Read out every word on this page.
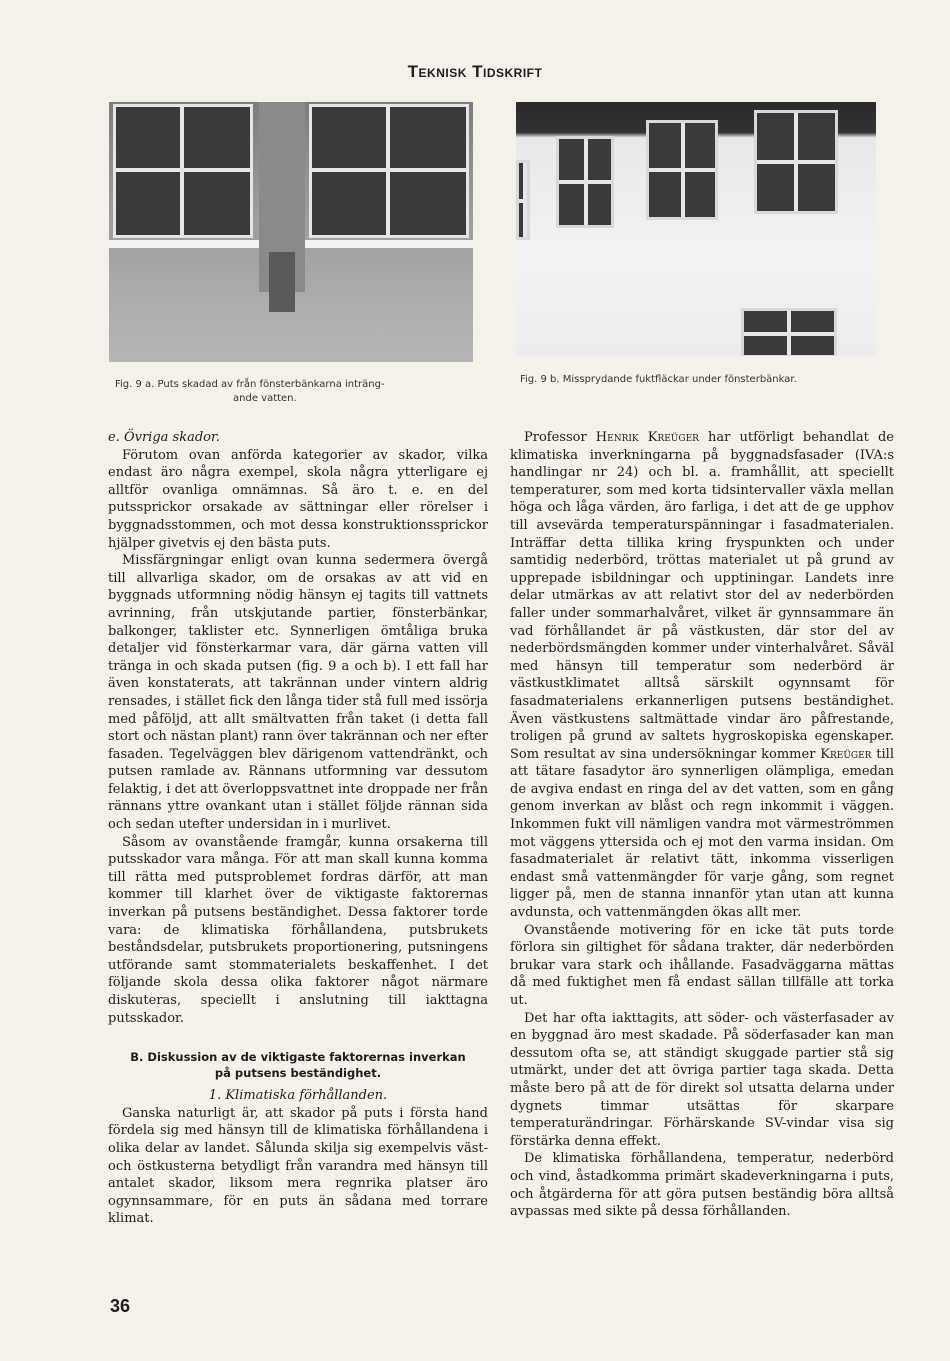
Teknisk Tidskrift
Fig. 9 a. Puts skadad av från fönsterbänkarna inträng-
ande vatten.
Fig. 9 b. Missprydande fuktfläckar under fönsterbänkar.

e. Övriga skador.

Förutom ovan anförda kategorier av skador, vilka endast äro några exempel, skola några ytterligare ej alltför ovanliga omnämnas. Så äro t. e. en del putssprickor orsakade av sättningar eller rörelser i byggnadsstommen, och mot dessa konstruktionssprickor hjälper givetvis ej den bästa puts.

Missfärgningar enligt ovan kunna sedermera övergå till allvarliga skador, om de orsakas av att vid en byggnads utformning nödig hänsyn ej tagits till vattnets avrinning, från utskjutande partier, fönsterbänkar, balkonger, taklister etc. Synnerligen ömtåliga bruka detaljer vid fönsterkarmar vara, där gärna vatten vill tränga in och skada putsen (fig. 9 a och b). I ett fall har även konstaterats, att takrännan under vintern aldrig rensades, i stället fick den långa tider stå full med issörja med påföljd, att allt smältvatten från taket (i detta fall stort och nästan plant) rann över takrännan och ner efter fasaden. Tegelväggen blev därigenom vattendränkt, och putsen ramlade av. Rännans utformning var dessutom felaktig, i det att överloppsvattnet inte droppade ner från rännans yttre ovankant utan i stället följde rännan sida och sedan utefter undersidan in i murlivet.

Såsom av ovanstående framgår, kunna orsakerna till putsskador vara många. För att man skall kunna komma till rätta med putsproblemet fordras därför, att man kommer till klarhet över de viktigaste faktorernas inverkan på putsens beständighet. Dessa faktorer torde vara: de klimatiska förhållandena, putsbrukets beståndsdelar, putsbrukets proportionering, putsningens utförande samt stommaterialets beskaffenhet. I det följande skola dessa olika faktorer något närmare diskuteras, speciellt i anslutning till iakttagna putsskador.

B. Diskussion av de viktigaste faktorernas inverkan
på putsens beständighet.

1. Klimatiska förhållanden.

Ganska naturligt är, att skador på puts i första hand fördela sig med hänsyn till de klimatiska förhållandena i olika delar av landet. Sålunda skilja sig exempelvis väst- och östkusterna betydligt från varandra med hänsyn till antalet skador, liksom mera regnrika platser äro ogynnsammare, för en puts än sådana med torrare klimat.

Professor Henrik Kreüger har utförligt behandlat de klimatiska inverkningarna på byggnadsfasader (IVA:s handlingar nr 24) och bl. a. framhållit, att speciellt temperaturer, som med korta tidsintervaller växla mellan höga och låga värden, äro farliga, i det att de ge upphov till avsevärda temperaturspänningar i fasadmaterialen. Inträffar detta tillika kring fryspunkten och under samtidig nederbörd, tröttas materialet ut på grund av upprepade isbildningar och upptiningar. Landets inre delar utmärkas av att relativt stor del av nederbörden faller under sommarhalvåret, vilket är gynnsammare än vad förhållandet är på västkusten, där stor del av nederbördsmängden kommer under vinterhalvåret. Såväl med hänsyn till temperatur som nederbörd är västkustklimatet alltså särskilt ogynnsamt för fasadmaterialens erkannerligen putsens beständighet. Även västkustens saltmättade vindar äro påfrestande, troligen på grund av saltets hygroskopiska egenskaper. Som resultat av sina undersökningar kommer Kreüger till att tätare fasadytor äro synnerligen olämpliga, emedan de avgiva endast en ringa del av det vatten, som en gång genom inverkan av blåst och regn inkommit i väggen. Inkommen fukt vill nämligen vandra mot värmeströmmen mot väggens yttersida och ej mot den varma insidan. Om fasadmaterialet är relativt tätt, inkomma visserligen endast små vattenmängder för varje gång, som regnet ligger på, men de stanna innanför ytan utan att kunna avdunsta, och vattenmängden ökas allt mer.

Ovanstående motivering för en icke tät puts torde förlora sin giltighet för sådana trakter, där nederbörden brukar vara stark och ihållande. Fasadväggarna mättas då med fuktighet men få endast sällan tillfälle att torka ut.

Det har ofta iakttagits, att söder- och västerfasader av en byggnad äro mest skadade. På söderfasader kan man dessutom ofta se, att ständigt skuggade partier stå sig utmärkt, under det att övriga partier taga skada. Detta måste bero på att de för direkt sol utsatta delarna under dygnets timmar utsättas för skarpare temperaturändringar. Förhärskande SV-vindar visa sig förstärka denna effekt.

De klimatiska förhållandena, temperatur, nederbörd och vind, åstadkomma primärt skadeverkningarna i puts, och åtgärderna för att göra putsen beständig böra alltså avpassas med sikte på dessa förhållanden.

36
